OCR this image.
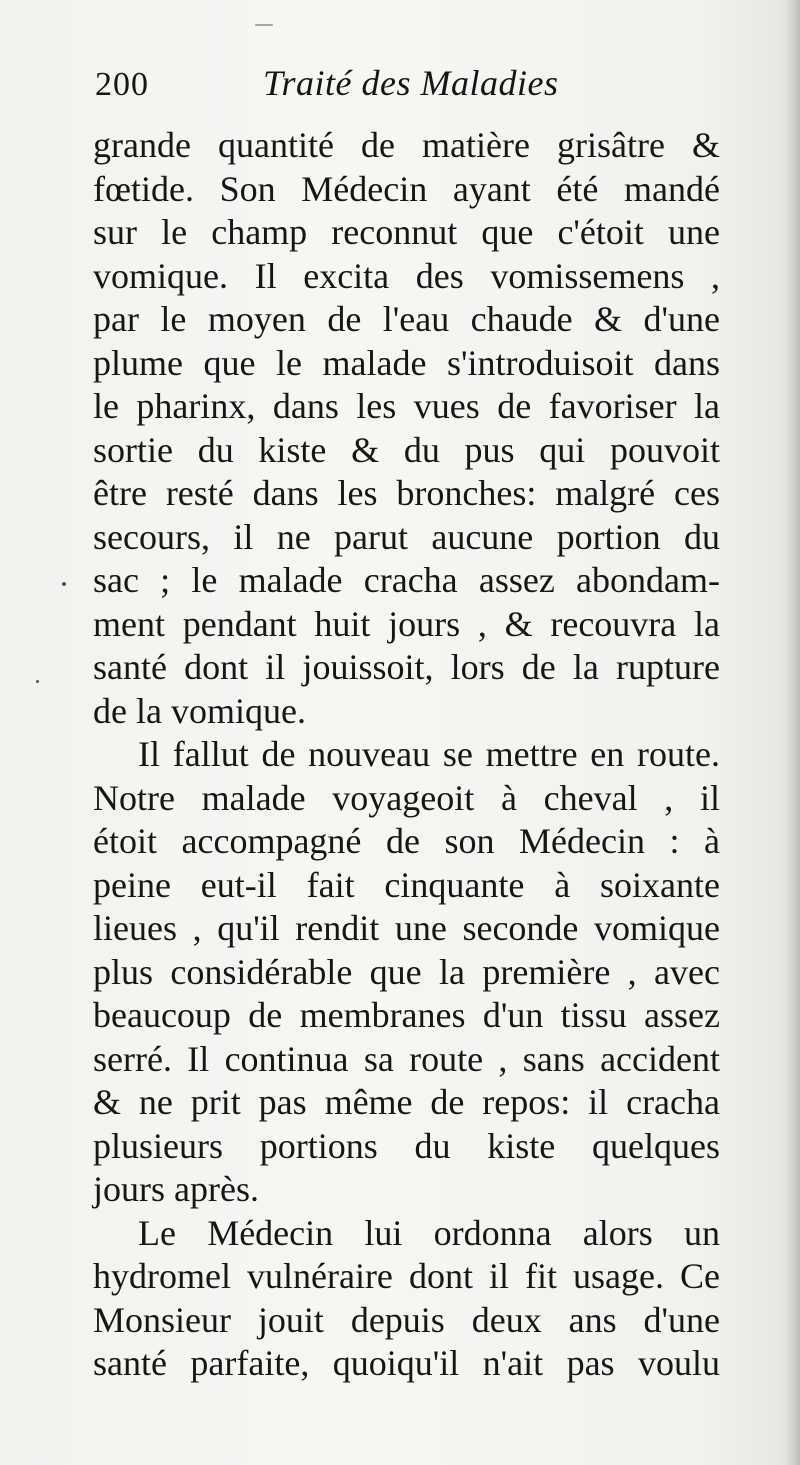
200	Traité des Maladies
grande quantité de matière grisâtre &
fœtide. Son Médecin ayant été mandé
sur le champ reconnut que c'étoit une
vomique. Il excita des vomissemens ,
par le moyen de l'eau chaude & d'une
plume que le malade s'introduisoit dans
le pharinx, dans les vues de favoriser la
sortie du kiste & du pus qui pouvoit
être resté dans les bronches: malgré ces
secours, il ne parut aucune portion du
sac ; le malade cracha assez abondam-
ment pendant huit jours , & recouvra la
santé dont il jouissoit, lors de la rupture
de la vomique.
Il fallut de nouveau se mettre en route.
Notre malade voyageoit à cheval , il
étoit accompagné de son Médecin : à
peine eut-il fait cinquante à soixante
lieues , qu'il rendit une seconde vomique
plus considérable que la première , avec
beaucoup de membranes d'un tissu assez
serré. Il continua sa route , sans accident
& ne prit pas même de repos: il cracha
plusieurs portions du kiste quelques
jours après.
Le Médecin lui ordonna alors un
hydromel vulnéraire dont il fit usage. Ce
Monsieur jouit depuis deux ans d'une
santé parfaite, quoiqu'il n'ait pas voulu
